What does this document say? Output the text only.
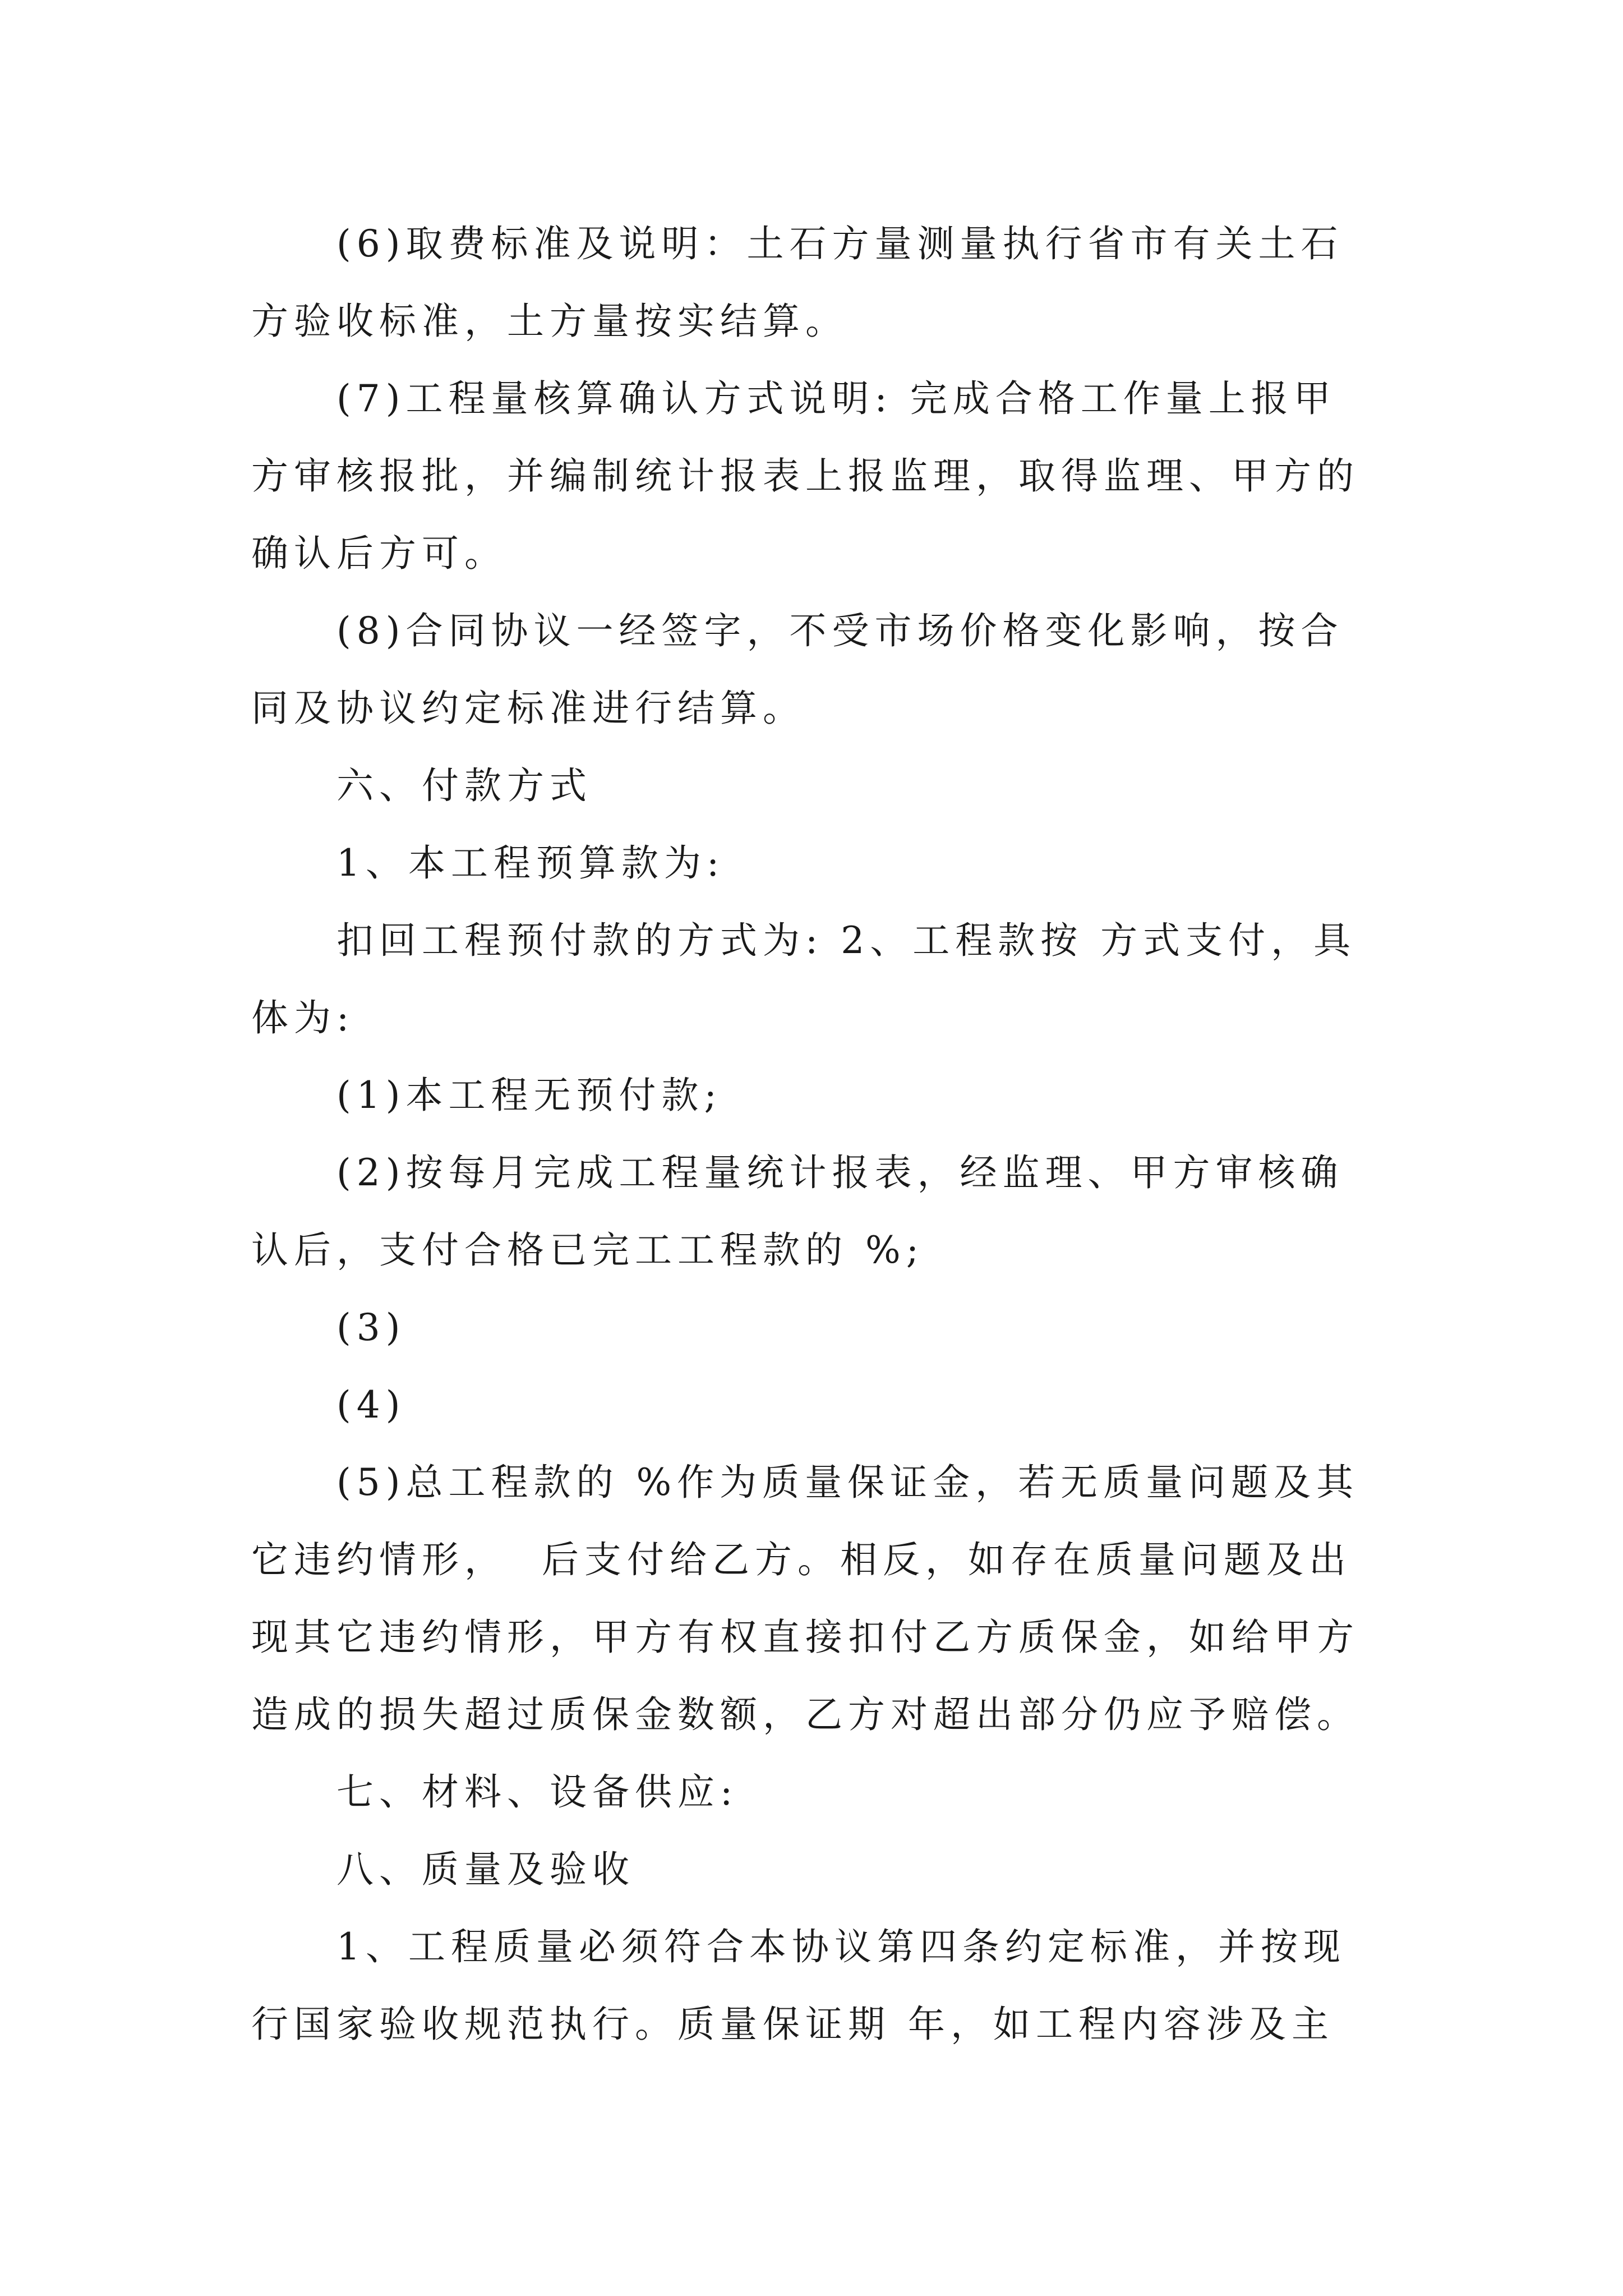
(6)取费标准及说明：土石方量测量执行省市有关土石
方验收标准，土方量按实结算。
(7)工程量核算确认方式说明: 完成合格工作量上报甲
方审核报批，并编制统计报表上报监理，取得监理、甲方的
确认后方可。
(8)合同协议一经签字，不受市场价格变化影响，按合
同及协议约定标准进行结算。
六、付款方式
1、本工程预算款为:
扣回工程预付款的方式为: 2、工程款按 方式支付，具
体为:
(1)本工程无预付款;
(2)按每月完成工程量统计报表，经监理、甲方审核确
认后，支付合格已完工工程款的 %;
(3)
(4)
(5)总工程款的 %作为质量保证金，若无质量问题及其
它违约情形，  后支付给乙方。相反，如存在质量问题及出
现其它违约情形，甲方有权直接扣付乙方质保金，如给甲方
造成的损失超过质保金数额，乙方对超出部分仍应予赔偿。
七、材料、设备供应:
八、质量及验收
1、工程质量必须符合本协议第四条约定标准，并按现
行国家验收规范执行。质量保证期 年，如工程内容涉及主
